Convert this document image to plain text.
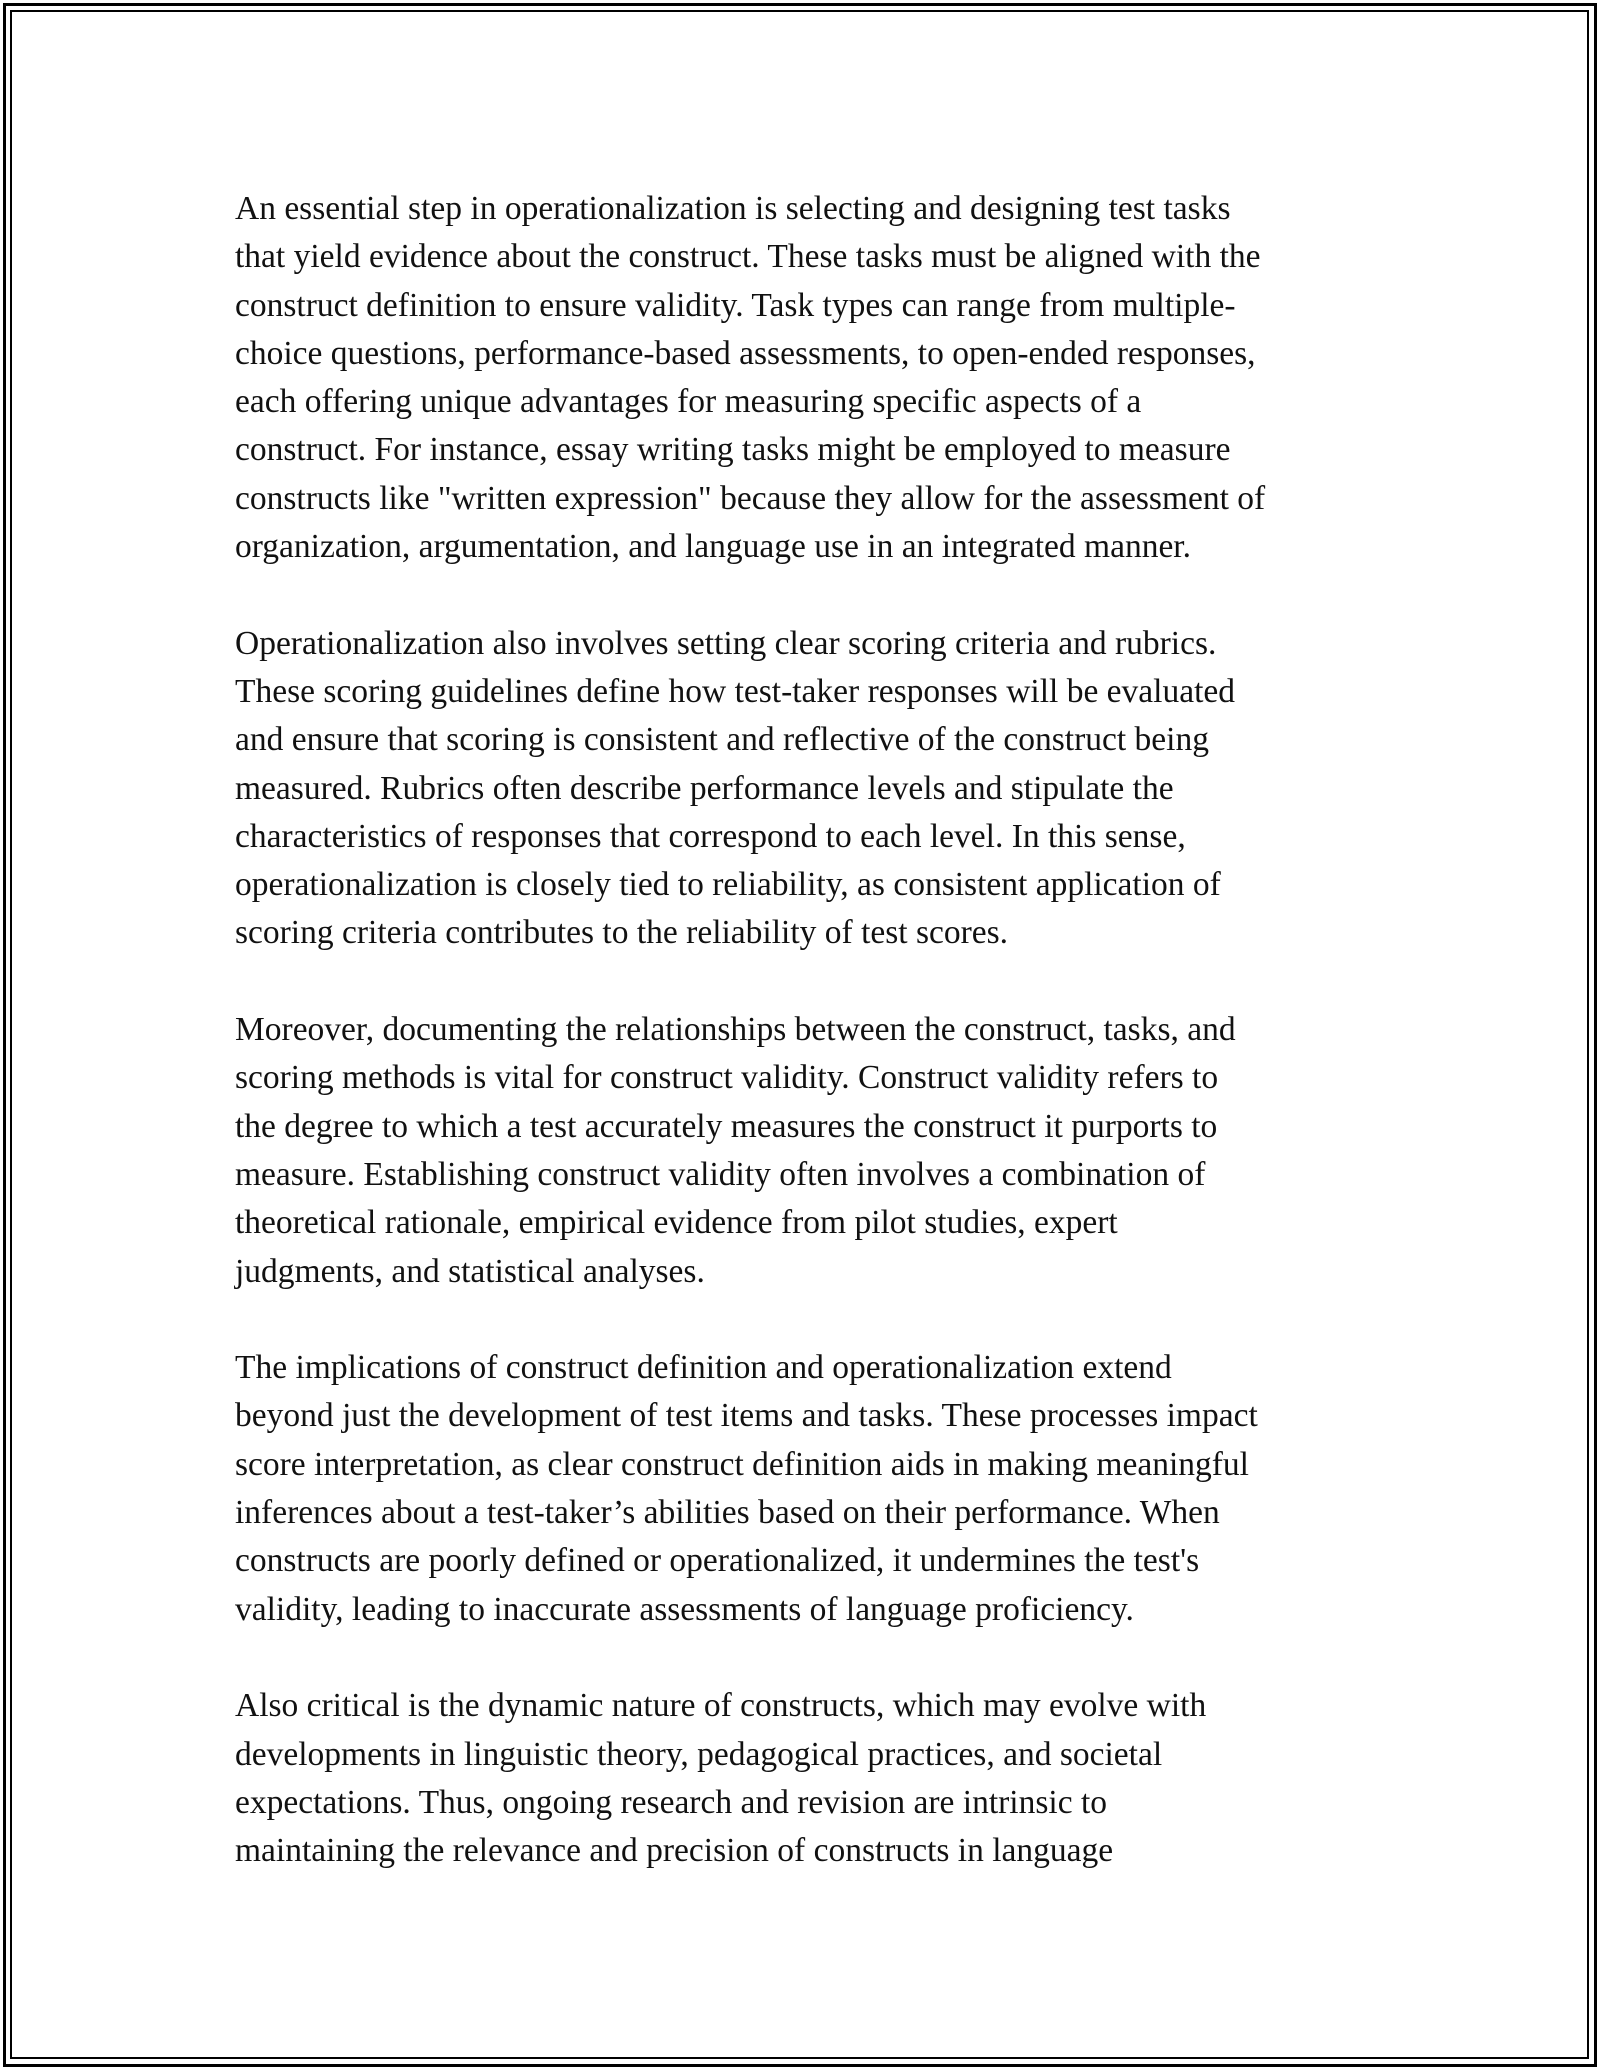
An essential step in operationalization is selecting and designing test tasks
that yield evidence about the construct. These tasks must be aligned with the
construct definition to ensure validity. Task types can range from multiple-
choice questions, performance-based assessments, to open-ended responses,
each offering unique advantages for measuring specific aspects of a
construct. For instance, essay writing tasks might be employed to measure
constructs like "written expression" because they allow for the assessment of
organization, argumentation, and language use in an integrated manner.

Operationalization also involves setting clear scoring criteria and rubrics.
These scoring guidelines define how test-taker responses will be evaluated
and ensure that scoring is consistent and reflective of the construct being
measured. Rubrics often describe performance levels and stipulate the
characteristics of responses that correspond to each level. In this sense,
operationalization is closely tied to reliability, as consistent application of
scoring criteria contributes to the reliability of test scores.

Moreover, documenting the relationships between the construct, tasks, and
scoring methods is vital for construct validity. Construct validity refers to
the degree to which a test accurately measures the construct it purports to
measure. Establishing construct validity often involves a combination of
theoretical rationale, empirical evidence from pilot studies, expert
judgments, and statistical analyses.

The implications of construct definition and operationalization extend
beyond just the development of test items and tasks. These processes impact
score interpretation, as clear construct definition aids in making meaningful
inferences about a test-taker’s abilities based on their performance. When
constructs are poorly defined or operationalized, it undermines the test's
validity, leading to inaccurate assessments of language proficiency.

Also critical is the dynamic nature of constructs, which may evolve with
developments in linguistic theory, pedagogical practices, and societal
expectations. Thus, ongoing research and revision are intrinsic to
maintaining the relevance and precision of constructs in language
